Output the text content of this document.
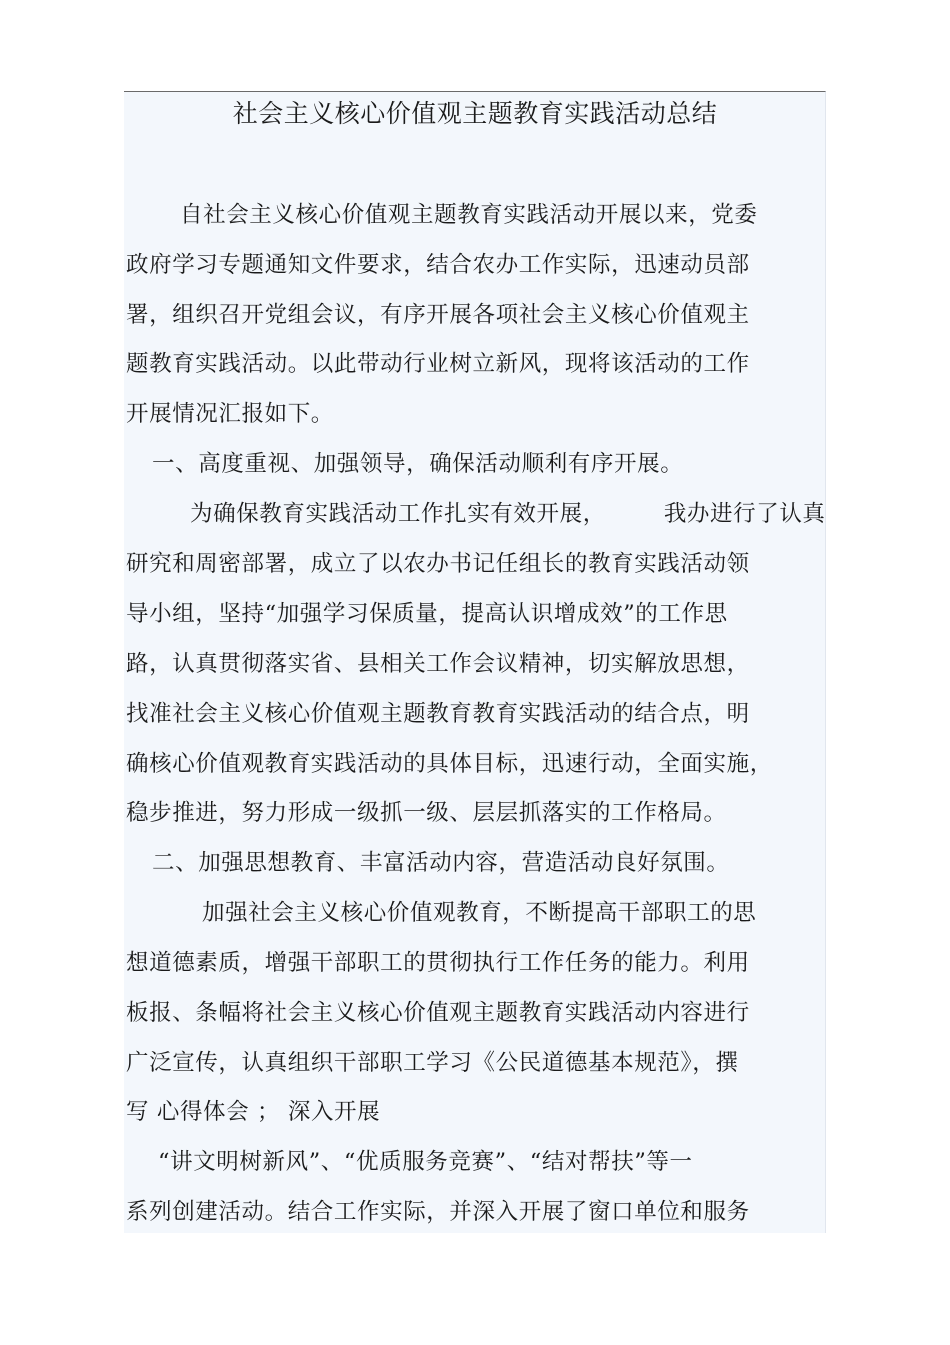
社会主义核心价值观主题教育实践活动总结
自社会主义核心价值观主题教育实践活动开展以来，党委
政府学习专题通知文件要求，结合农办工作实际，迅速动员部
署，组织召开党组会议，有序开展各项社会主义核心价值观主
题教育实践活动。以此带动行业树立新风，现将该活动的工作
开展情况汇报如下。
一、高度重视、加强领导，确保活动顺利有序开展。
为确保教育实践活动工作扎实有效开展，	我办进行了认真
研究和周密部署，成立了以农办书记任组长的教育实践活动领
导小组，坚持“加强学习保质量，提高认识增成效”的工作思
路，认真贯彻落实省、县相关工作会议精神，切实解放思想，
找准社会主义核心价值观主题教育教育实践活动的结合点，明
确核心价值观教育实践活动的具体目标，迅速行动，全面实施，
稳步推进，努力形成一级抓一级、层层抓落实的工作格局。
二、加强思想教育、丰富活动内容，营造活动良好氛围。
加强社会主义核心价值观教育，不断提高干部职工的思
想道德素质，增强干部职工的贯彻执行工作任务的能力。利用
板报、条幅将社会主义核心价值观主题教育实践活动内容进行
广泛宣传，认真组织干部职工学习《公民道德基本规范》，撰
写 心得体会 ； 深入开展
“讲文明树新风”、“优质服务竞赛”、“结对帮扶”等一
系列创建活动。结合工作实际，并深入开展了窗口单位和服务
